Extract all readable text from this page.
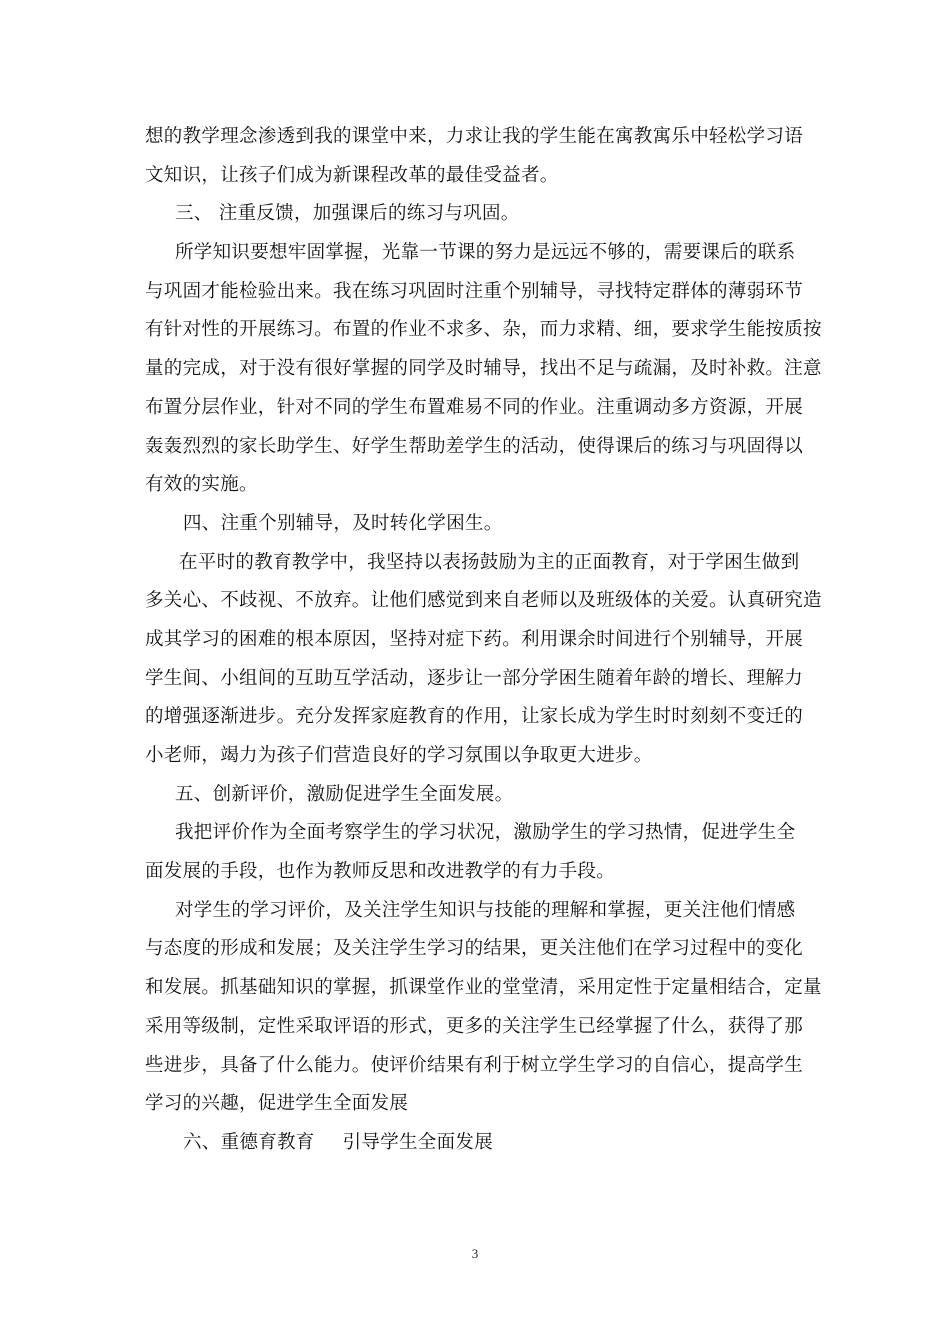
想的教学理念渗透到我的课堂中来，力求让我的学生能在寓教寓乐中轻松学习语
文知识，让孩子们成为新课程改革的最佳受益者。
三、 注重反馈，加强课后的练习与巩固。
所学知识要想牢固掌握，光靠一节课的努力是远远不够的，需要课后的联系
与巩固才能检验出来。我在练习巩固时注重个别辅导，寻找特定群体的薄弱环节
有针对性的开展练习。布置的作业不求多、杂，而力求精、细，要求学生能按质按
量的完成，对于没有很好掌握的同学及时辅导，找出不足与疏漏，及时补救。注意
布置分层作业，针对不同的学生布置难易不同的作业。注重调动多方资源，开展
轰轰烈烈的家长助学生、好学生帮助差学生的活动，使得课后的练习与巩固得以
有效的实施。
四、注重个别辅导，及时转化学困生。
在平时的教育教学中，我坚持以表扬鼓励为主的正面教育，对于学困生做到
多关心、不歧视、不放弃。让他们感觉到来自老师以及班级体的关爱。认真研究造
成其学习的困难的根本原因，坚持对症下药。利用课余时间进行个别辅导，开展
学生间、小组间的互助互学活动，逐步让一部分学困生随着年龄的增长、理解力
的增强逐渐进步。充分发挥家庭教育的作用，让家长成为学生时时刻刻不变迁的
小老师，竭力为孩子们营造良好的学习氛围以争取更大进步。
五、创新评价，激励促进学生全面发展。
我把评价作为全面考察学生的学习状况，激励学生的学习热情，促进学生全
面发展的手段，也作为教师反思和改进教学的有力手段。
对学生的学习评价，及关注学生知识与技能的理解和掌握，更关注他们情感
与态度的形成和发展；及关注学生学习的结果，更关注他们在学习过程中的变化
和发展。抓基础知识的掌握，抓课堂作业的堂堂清，采用定性于定量相结合，定量
采用等级制，定性采取评语的形式，更多的关注学生已经掌握了什么，获得了那
些进步，具备了什么能力。使评价结果有利于树立学生学习的自信心，提高学生
学习的兴趣，促进学生全面发展
六、重德育教育 引导学生全面发展
3
